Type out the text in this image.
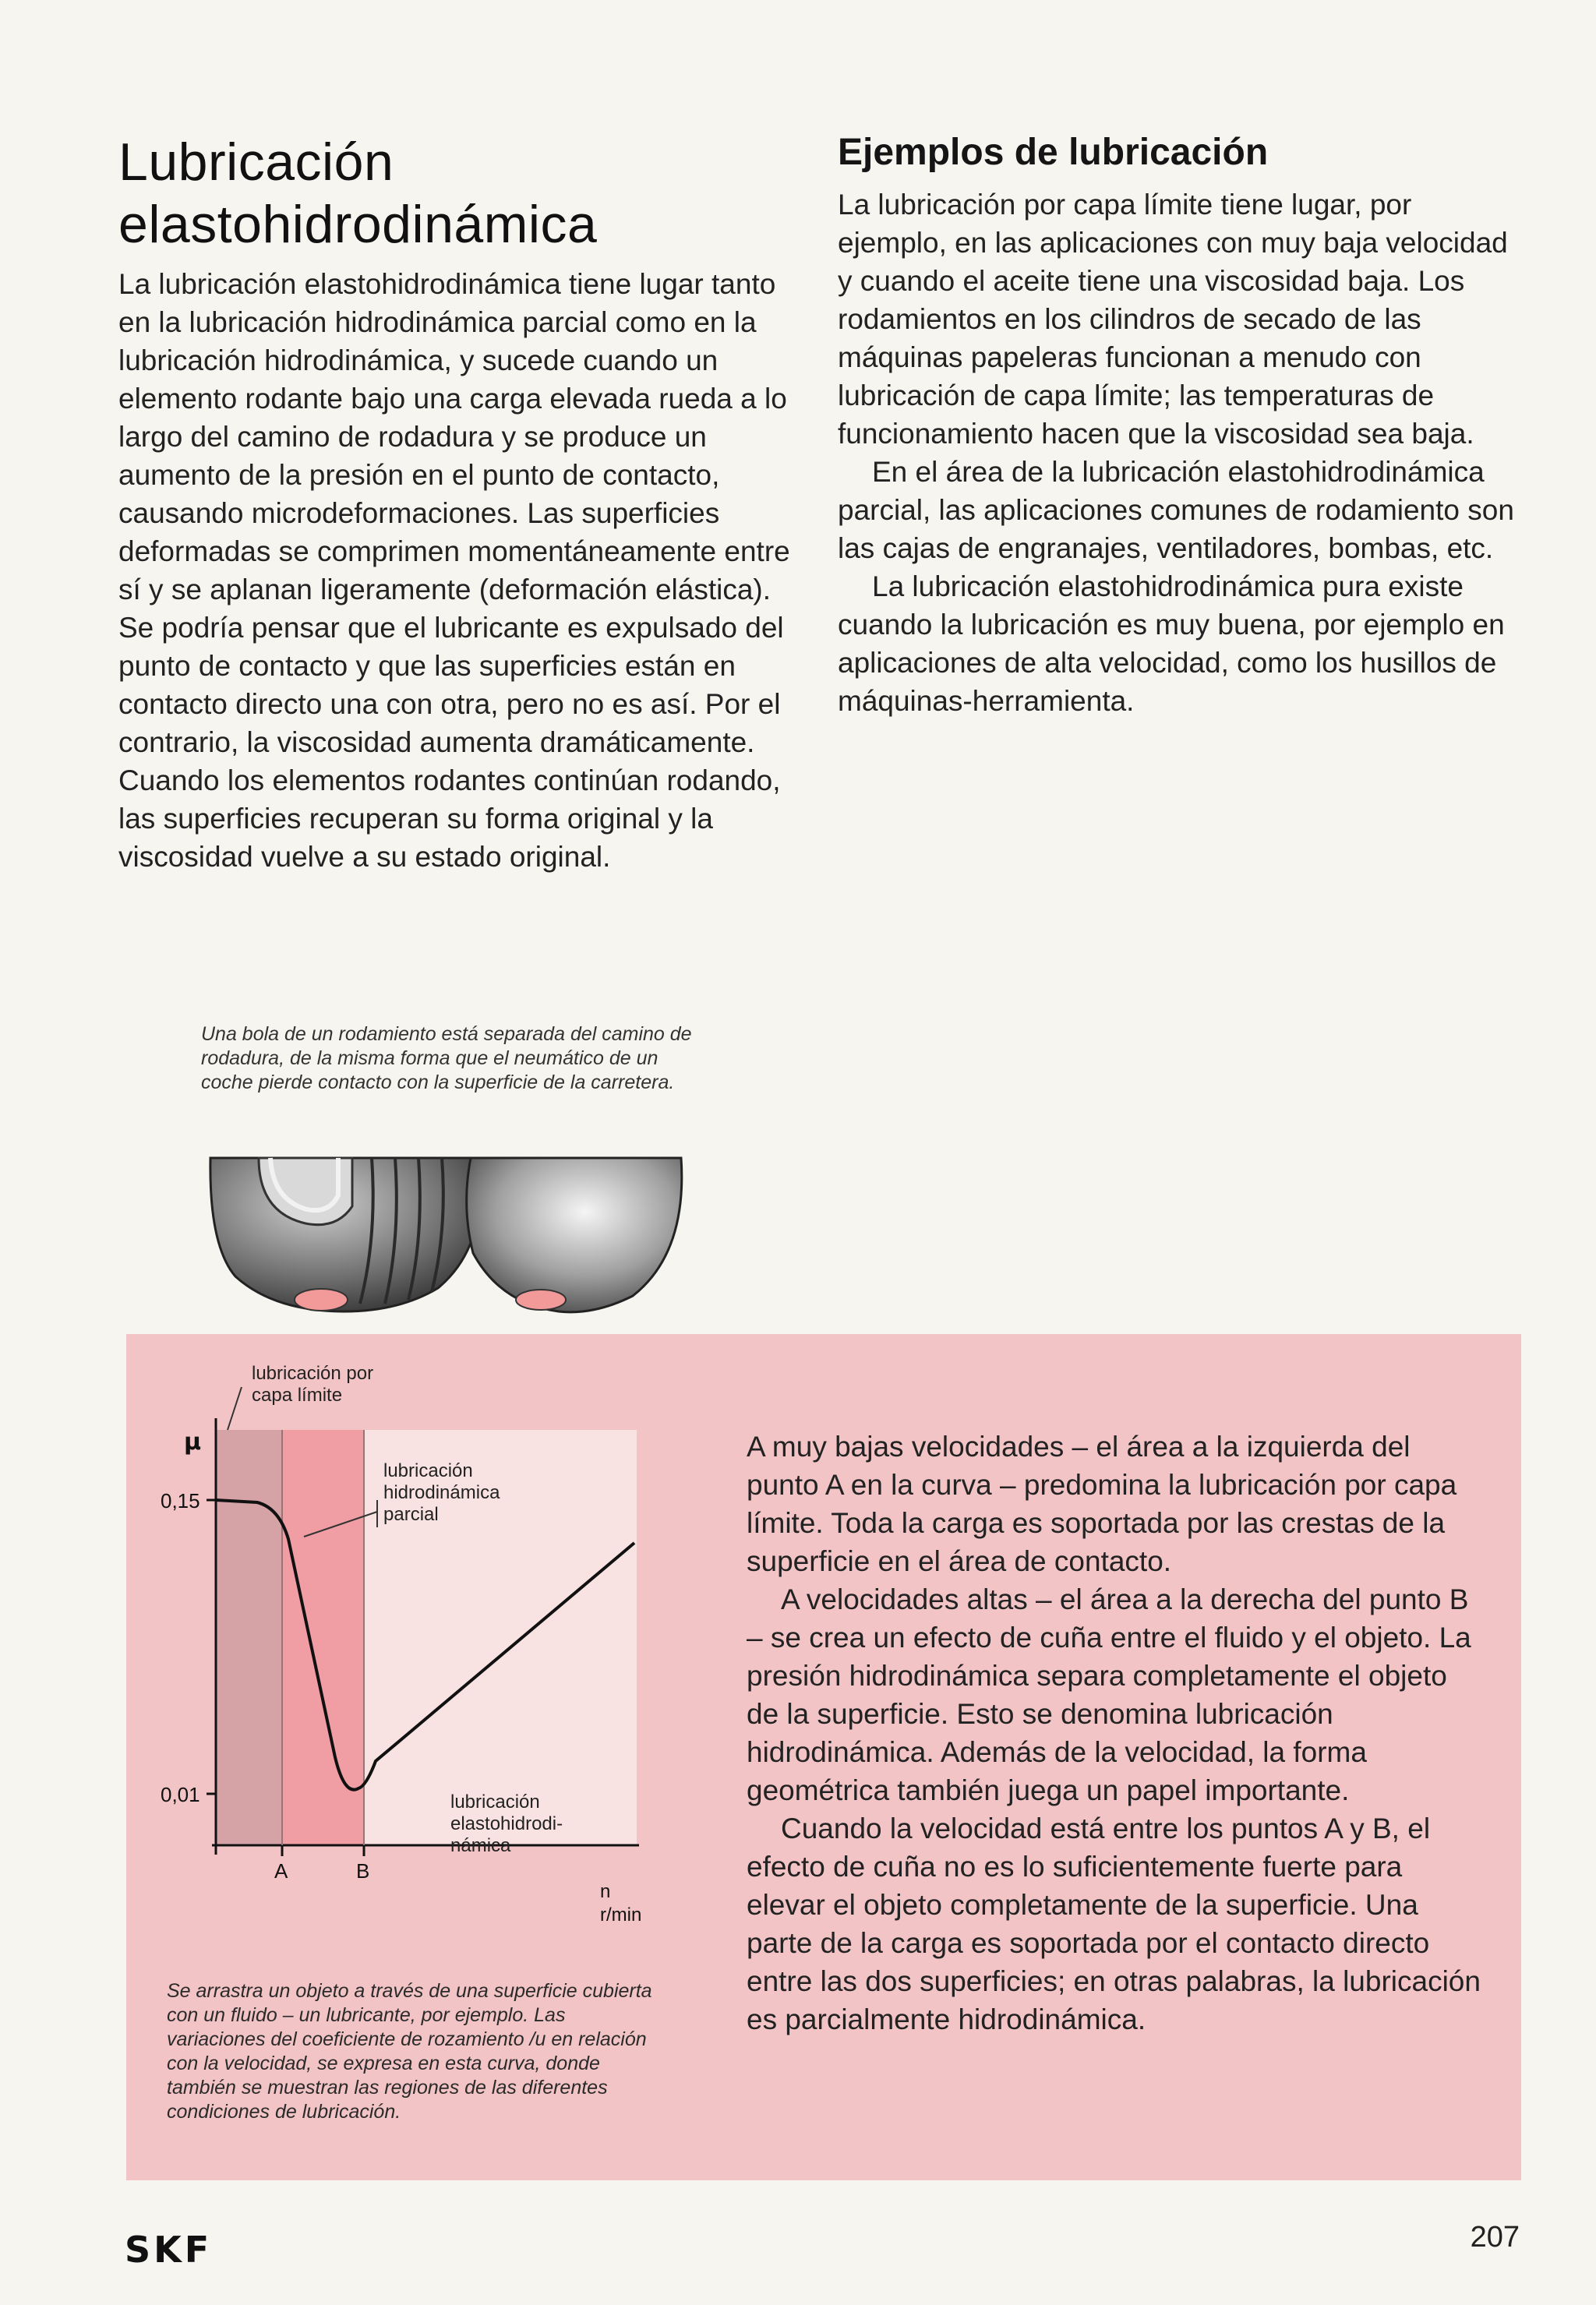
Lubricación
elastohidrodinámica

La lubricación elastohidrodinámica tiene lugar tanto en la lubricación hidrodinámica parcial como en la lubricación hidrodinámica, y sucede cuando un elemento rodante bajo una carga elevada rueda a lo largo del camino de rodadura y se produce un aumento de la presión en el punto de contacto, causando microdeformaciones. Las superficies deformadas se comprimen momentáneamente entre sí y se aplanan ligeramente (deformación elástica). Se podría pensar que el lubricante es expulsado del punto de contacto y que las superficies están en contacto directo una con otra, pero no es así. Por el contrario, la viscosidad aumenta dramáticamente. Cuando los elementos rodantes continúan rodando, las superficies recuperan su forma original y la viscosidad vuelve a su estado original.

Ejemplos de lubricación

La lubricación por capa límite tiene lugar, por ejemplo, en las aplicaciones con muy baja velocidad y cuando el aceite tiene una viscosidad baja. Los rodamientos en los cilindros de secado de las máquinas papeleras funcionan a menudo con lubricación de capa límite; las temperaturas de funcionamiento hacen que la viscosidad sea baja.

En el área de la lubricación elastohidrodinámica parcial, las aplicaciones comunes de rodamiento son las cajas de engranajes, ventiladores, bombas, etc.

La lubricación elastohidrodinámica pura existe cuando la lubricación es muy buena, por ejemplo en aplicaciones de alta velocidad, como los husillos de máquinas-herramienta.

Una bola de un rodamiento está separada del camino de rodadura, de la misma forma que el neumático de un coche pierde contacto con la superficie de la carretera.
μ
0,15
0,01
A	B
n r/min
lubricación por capa límite
lubricación hidrodinámica parcial
lubricación elastohidrodi-námica
Se arrastra un objeto a través de una superficie cubierta con un fluido – un lubricante, por ejemplo. Las variaciones del coeficiente de rozamiento /u en relación con la velocidad, se expresa en esta curva, donde también se muestran las regiones de las diferentes condiciones de lubricación.

A muy bajas velocidades – el área a la izquierda del punto A en la curva – predomina la lubricación por capa límite. Toda la carga es soportada por las crestas de la superficie en el área de contacto.

A velocidades altas – el área a la derecha del punto B – se crea un efecto de cuña entre el fluido y el objeto. La presión hidrodinámica separa completamente el objeto de la superficie. Esto se denomina lubricación hidrodinámica. Además de la velocidad, la forma geométrica también juega un papel importante.

Cuando la velocidad está entre los puntos A y B, el efecto de cuña no es lo suficientemente fuerte para elevar el objeto completamente de la superficie. Una parte de la carga es soportada por el contacto directo entre las dos superficies; en otras palabras, la lubricación es parcialmente hidrodinámica.

SKF	207
